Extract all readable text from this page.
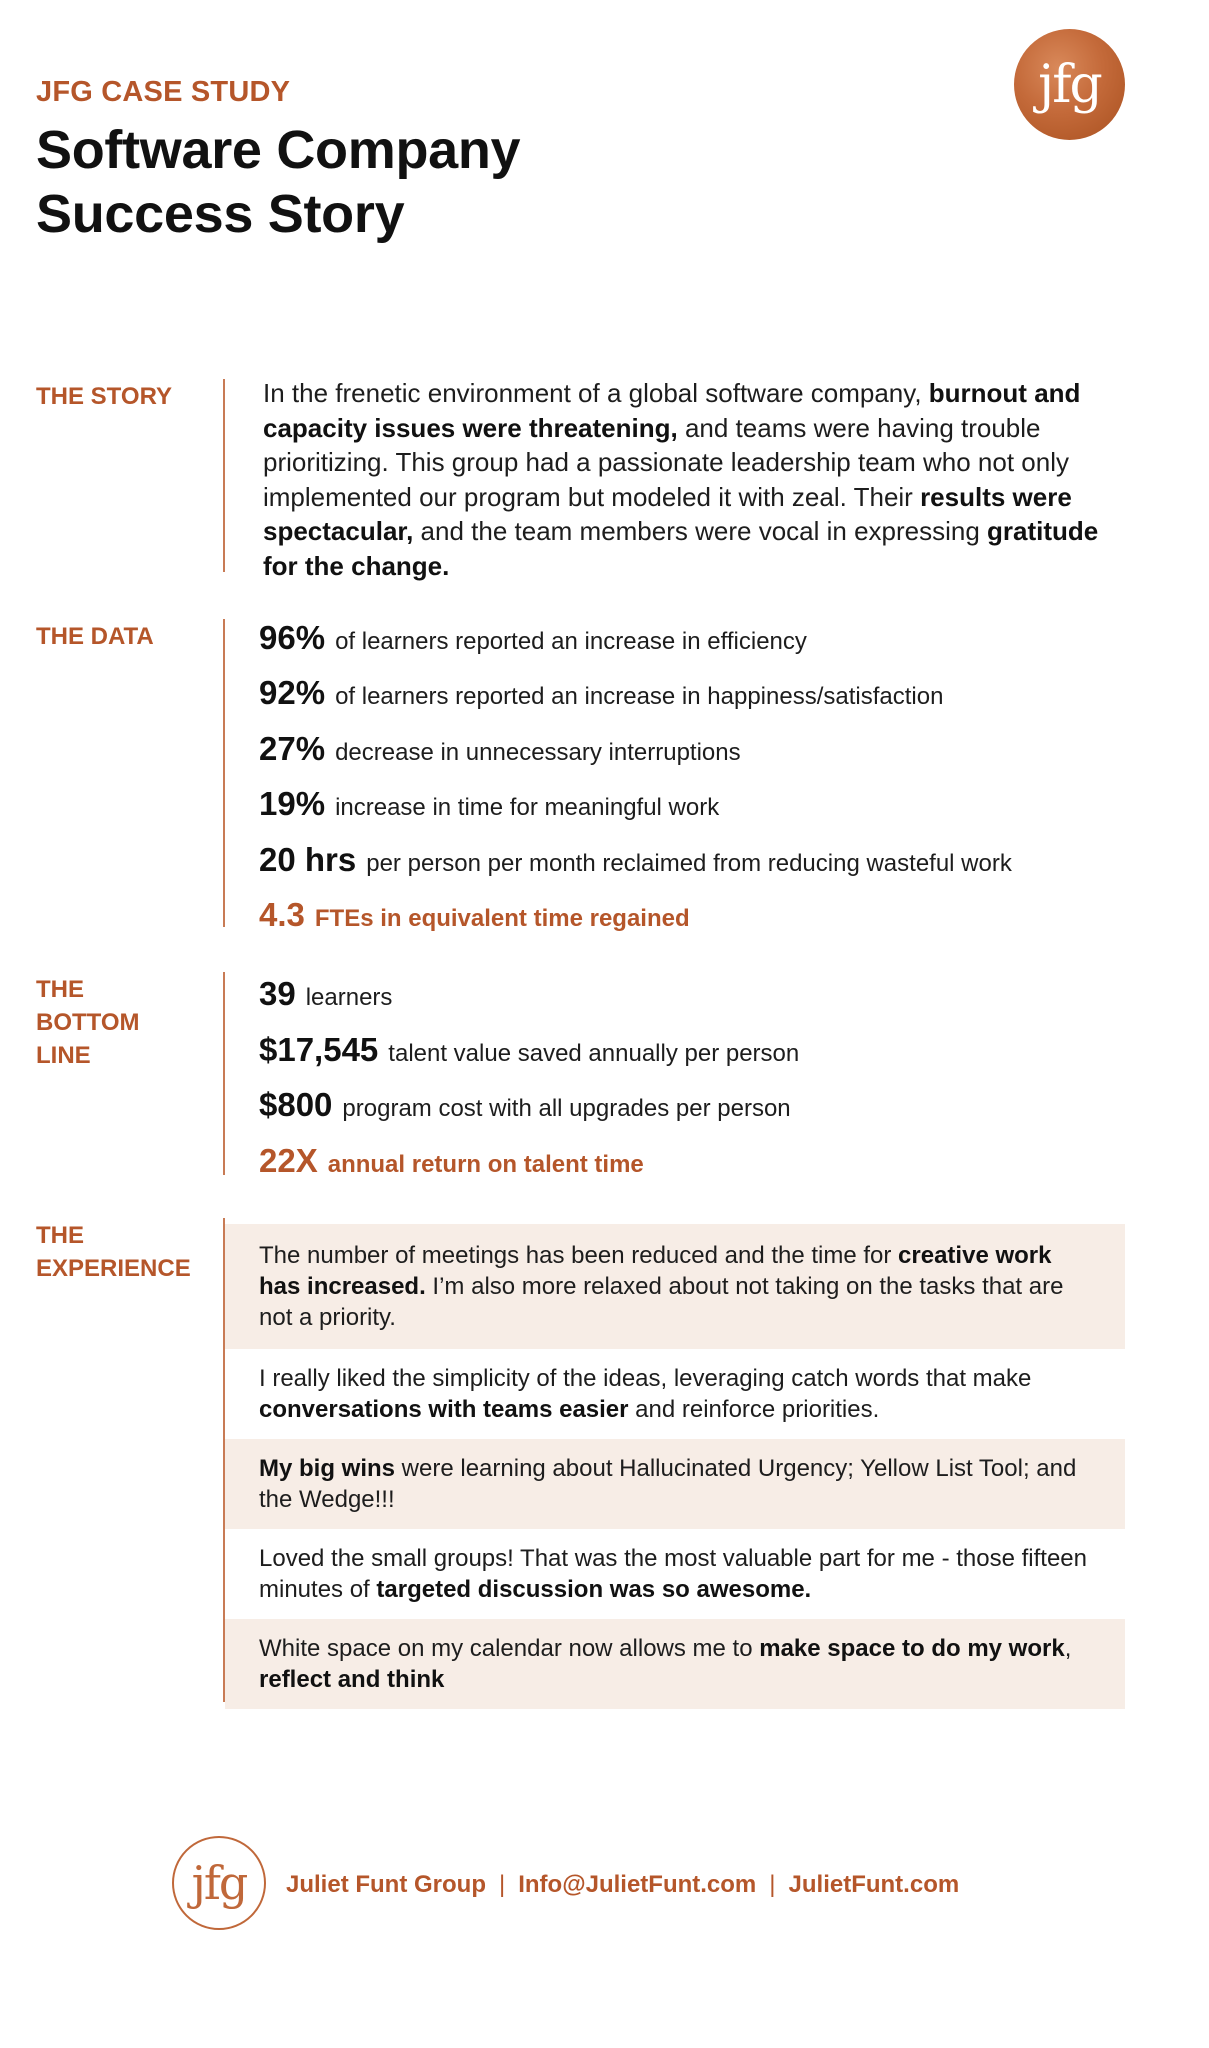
JFG CASE STUDY
Software Company
Success Story
jfg
THE STORY	In the frenetic environment of a global software company, burnout and capacity issues were threatening, and teams were having trouble prioritizing. This group had a passionate leadership team who not only implemented our program but modeled it with zeal. Their results were spectacular, and the team members were vocal in expressing gratitude for the change.
THE DATA	96% of learners reported an increase in efficiency
92% of learners reported an increase in happiness/satisfaction
27% decrease in unnecessary interruptions
19% increase in time for meaningful work
20 hrs per person per month reclaimed from reducing wasteful work
4.3 FTEs in equivalent time regained
THE
BOTTOM
LINE
39 learners
$17,545 talent value saved annually per person
$800 program cost with all upgrades per person
22X annual return on talent time
THE
EXPERIENCE	The number of meetings has been reduced and the time for creative work has increased. I’m also more relaxed about not taking on the tasks that are not a priority.
I really liked the simplicity of the ideas, leveraging catch words that make conversations with teams easier and reinforce priorities.
My big wins were learning about Hallucinated Urgency; Yellow List Tool; and the Wedge!!!
Loved the small groups! That was the most valuable part for me - those fifteen minutes of targeted discussion was so awesome.
White space on my calendar now allows me to make space to do my work, reflect and think
jfg Juliet Funt Group | Info@JulietFunt.com | JulietFunt.com
